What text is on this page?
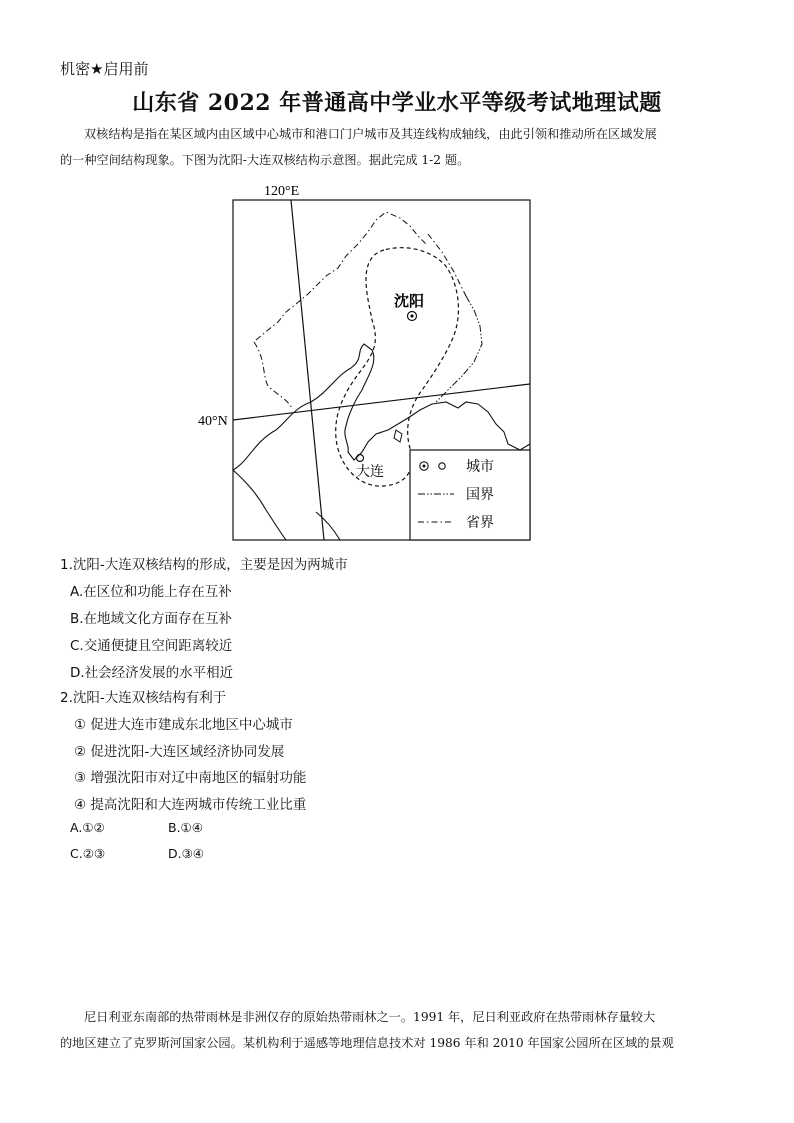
机密★启用前
山东省 2022 年普通高中学业水平等级考试地理试题
双核结构是指在某区域内由区域中心城市和港口门户城市及其连线构成轴线，由此引领和推动所在区域发展
的一种空间结构现象。下图为沈阳-大连双核结构示意图。据此完成 1-2 题。
120°E
40°N
沈阳
大连	城市
国界
省界
1.沈阳-大连双核结构的形成，主要是因为两城市
A.在区位和功能上存在互补
B.在地域文化方面存在互补
C.交通便捷且空间距离较近
D.社会经济发展的水平相近
2.沈阳-大连双核结构有利于
① 促进大连市建成东北地区中心城市
② 促进沈阳-大连区域经济协同发展
③ 增强沈阳市对辽中南地区的辐射功能
④ 提高沈阳和大连两城市传统工业比重
A.①②	B.①④
C.②③	D.③④
尼日利亚东南部的热带雨林是非洲仅存的原始热带雨林之一。1991 年，尼日利亚政府在热带雨林存量较大
的地区建立了克罗斯河国家公园。某机构利于遥感等地理信息技术对 1986 年和 2010 年国家公园所在区域的景观
